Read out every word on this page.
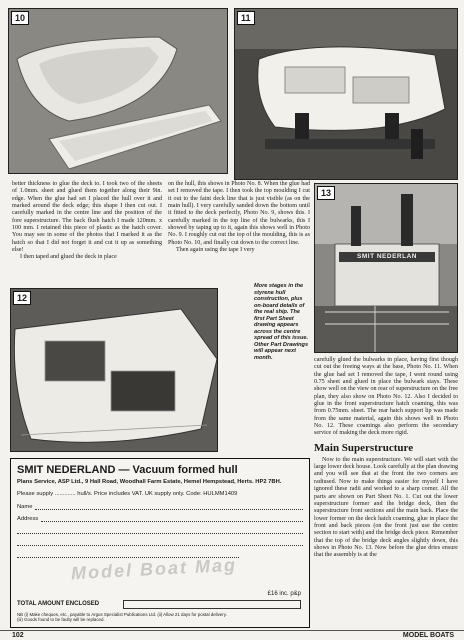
10	11
13
SMIT NEDERLAN
12
More stages in the styrene hull construction, plus on-board details of the real ship. The first Part Sheet drawing appears across the centre spread of this issue. Other Part Drawings will appear next month.

better thickness to glue the deck to. I took two of the sheets of 1.0mm. sheet and glued them together along their 9in. edge. When the glue had set I placed the hull over it and marked around the deck edge; this shape I then cut out. I carefully marked in the centre line and the position of the fore superstructure. The back flush hatch I made 120mm. x 100 mm. I retained this piece of plastic as the hatch cover. You may see in some of the photos that I marked it as the hatch so that I did not forget it and cut it up as something else!

I then taped and glued the deck in place

on the hull, this shows in Photo No. 8. When the glue had set I removed the tape. I then took the top moulding I cut it out to the faint deck line that is just visible (as on the main hull). I very carefully sanded down the bottom until it fitted to the deck perfectly, Photo No. 9, shows this. I carefully marked in the top line of the bulwarks, this I showed by taping up to it, again this shows well in Photo No. 9. I roughly cut out the top of the moulding, this is as Photo No. 10, and finally cut down to the correct line.

Then again using the tape I very

carefully glued the bulwarks in place, having first though cut out the freeing ways at the base, Photo No. 11. When the glue had set I removed the tape, I went round using 0.75 sheet and glued in place the bulwark stays. These show well on the view on rear of superstructure on the free plan, they also show on Photo No. 12. Also I decided to glue in the front superstructure hatch coaming, this was from 0.75mm. sheet. The rear hatch support lip was made from the same material, again this shows well in Photo No. 12. These coamings also perform the secondary service of making the deck more rigid.

Main Superstructure

Now to the main superstructure. We will start with the large lower deck house. Look carefully at the plan drawing and you will see that at the front the two corners are radiused. Now to make things easier for myself I have ignored these radii and worked to a sharp corner. All the parts are shown on Part Sheet No. 1. Cut out the lower superstructure former and the bridge deck, then the superstructure front sections and the main back. Place the lower former on the deck hatch coaming, glue in place the front and back pieces (on the front just use the centre section to start with) and the bridge deck piece. Remember that the top of the bridge deck angles slightly down, this shows in Photo No. 13. Now before the glue dries ensure that the assembly is at the

SMIT NEDERLAND — Vacuum formed hull
Plans Service, ASP Ltd., 9 Hall Road, Woodhall Farm Estate, Hemel Hempstead, Herts. HP2 7BH.
Please supply ............. hull/s. Price includes VAT. UK supply only. Code: HULMM1409
Name
Address
£16 inc. p&p
TOTAL AMOUNT ENCLOSED
NB (i) Make cheques, etc., payable to Argus Specialist Publications Ltd. (ii) Allow 21 days for postal delivery.
(iii) Goods found to be faulty will be replaced.
Model Boat Mag
102	MODEL BOATS
